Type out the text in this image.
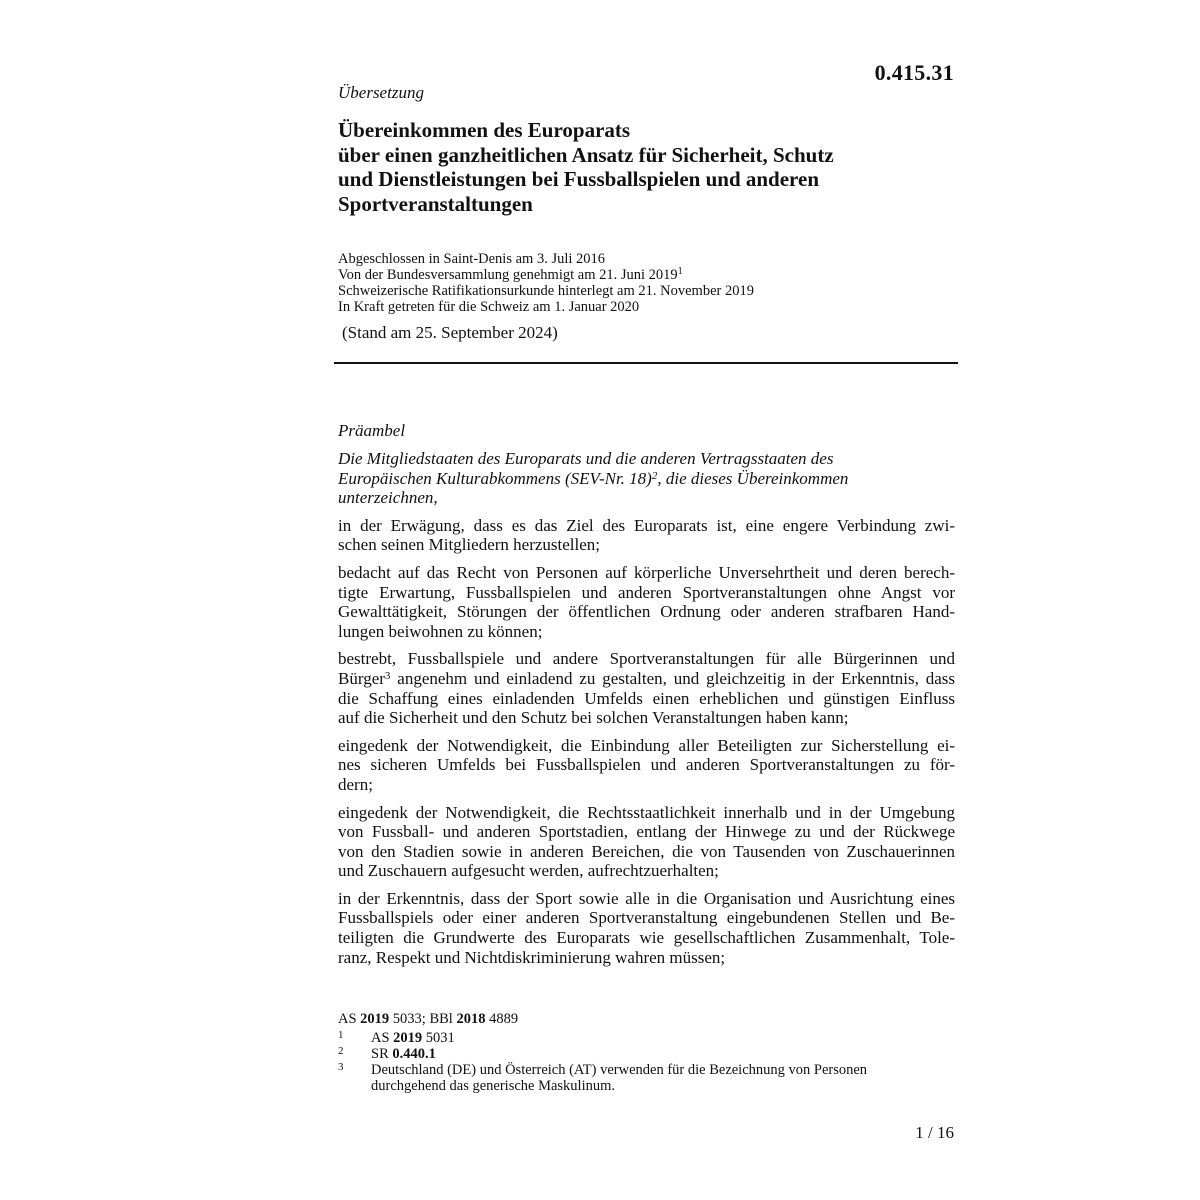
0.415.31
Übersetzung
Übereinkommen des Europarats
über einen ganzheitlichen Ansatz für Sicherheit, Schutz
und Dienstleistungen bei Fussballspielen und anderen
Sportveranstaltungen
Abgeschlossen in Saint-Denis am 3. Juli 2016
Von der Bundesversammlung genehmigt am 21. Juni 2019$^1$
Schweizerische Ratifikationsurkunde hinterlegt am 21. November 2019
In Kraft getreten für die Schweiz am 1. Januar 2020
(Stand am 25. September 2024)
Präambel

Die Mitgliedstaaten des Europarats und die anderen Vertragsstaaten des
Europäischen Kulturabkommens (SEV-Nr. 18)$^2$, die dieses Übereinkommen
unterzeichnen,

in der Erwägung, dass es das Ziel des Europarats ist, eine engere Verbindung zwi-
schen seinen Mitgliedern herzustellen;

bedacht auf das Recht von Personen auf körperliche Unversehrtheit und deren berech-
tigte Erwartung, Fussballspielen und anderen Sportveranstaltungen ohne Angst vor
Gewalttätigkeit, Störungen der öffentlichen Ordnung oder anderen strafbaren Hand-
lungen beiwohnen zu können;

bestrebt, Fussballspiele und andere Sportveranstaltungen für alle Bürgerinnen und
Bürger$^3$ angenehm und einladend zu gestalten, und gleichzeitig in der Erkenntnis, dass
die Schaffung eines einladenden Umfelds einen erheblichen und günstigen Einfluss
auf die Sicherheit und den Schutz bei solchen Veranstaltungen haben kann;

eingedenk der Notwendigkeit, die Einbindung aller Beteiligten zur Sicherstellung ei-
nes sicheren Umfelds bei Fussballspielen und anderen Sportveranstaltungen zu för-
dern;

eingedenk der Notwendigkeit, die Rechtsstaatlichkeit innerhalb und in der Umgebung
von Fussball- und anderen Sportstadien, entlang der Hinwege zu und der Rückwege
von den Stadien sowie in anderen Bereichen, die von Tausenden von Zuschauerinnen
und Zuschauern aufgesucht werden, aufrechtzuerhalten;

in der Erkenntnis, dass der Sport sowie alle in die Organisation und Ausrichtung eines
Fussballspiels oder einer anderen Sportveranstaltung eingebundenen Stellen und Be-
teiligten die Grundwerte des Europarats wie gesellschaftlichen Zusammenhalt, Tole-
ranz, Respekt und Nichtdiskriminierung wahren müssen;

AS 2019 5033; BBl 2018 4889
1 AS 2019 5031
2 SR 0.440.1
3 Deutschland (DE) und Österreich (AT) verwenden für die Bezeichnung von Personen
durchgehend das generische Maskulinum.
1 / 16
